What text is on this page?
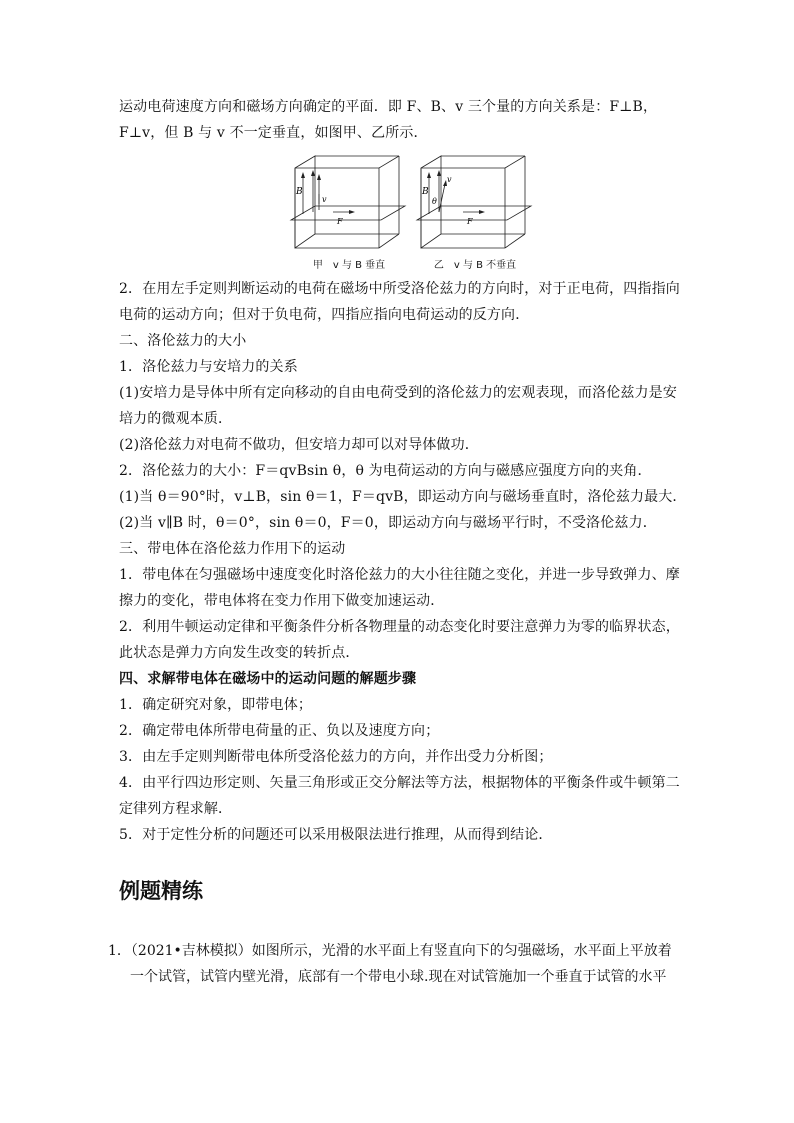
运动电荷速度方向和磁场方向确定的平面．即 F、B、v 三个量的方向关系是：F⊥B，

F⊥v，但 B 与 v 不一定垂直，如图甲、乙所示．

B
v
F
甲　v 与 B 垂直
B
v
θ
F
乙　v 与 B 不垂直

2．在用左手定则判断运动的电荷在磁场中所受洛伦兹力的方向时，对于正电荷，四指指向

电荷的运动方向；但对于负电荷，四指应指向电荷运动的反方向．

二、洛伦兹力的大小

1．洛伦兹力与安培力的关系

(1)安培力是导体中所有定向移动的自由电荷受到的洛伦兹力的宏观表现，而洛伦兹力是安

培力的微观本质．

(2)洛伦兹力对电荷不做功，但安培力却可以对导体做功．

2．洛伦兹力的大小：F＝qvBsin θ，θ 为电荷运动的方向与磁感应强度方向的夹角．

(1)当 θ＝90°时，v⊥B，sin θ＝1，F＝qvB，即运动方向与磁场垂直时，洛伦兹力最大．

(2)当 v∥B 时，θ＝0°，sin θ＝0，F＝0，即运动方向与磁场平行时，不受洛伦兹力．

三、带电体在洛伦兹力作用下的运动

1．带电体在匀强磁场中速度变化时洛伦兹力的大小往往随之变化，并进一步导致弹力、摩

擦力的变化，带电体将在变力作用下做变加速运动．

2．利用牛顿运动定律和平衡条件分析各物理量的动态变化时要注意弹力为零的临界状态，

此状态是弹力方向发生改变的转折点．

四、求解带电体在磁场中的运动问题的解题步骤

1．确定研究对象，即带电体；

2．确定带电体所带电荷量的正、负以及速度方向；

3．由左手定则判断带电体所受洛伦兹力的方向，并作出受力分析图；

4．由平行四边形定则、矢量三角形或正交分解法等方法，根据物体的平衡条件或牛顿第二

定律列方程求解．

5．对于定性分析的问题还可以采用极限法进行推理，从而得到结论．

例题精练
1．（2021•吉林模拟）如图所示，光滑的水平面上有竖直向下的匀强磁场，水平面上平放着
一个试管，试管内壁光滑，底部有一个带电小球.现在对试管施加一个垂直于试管的水平
